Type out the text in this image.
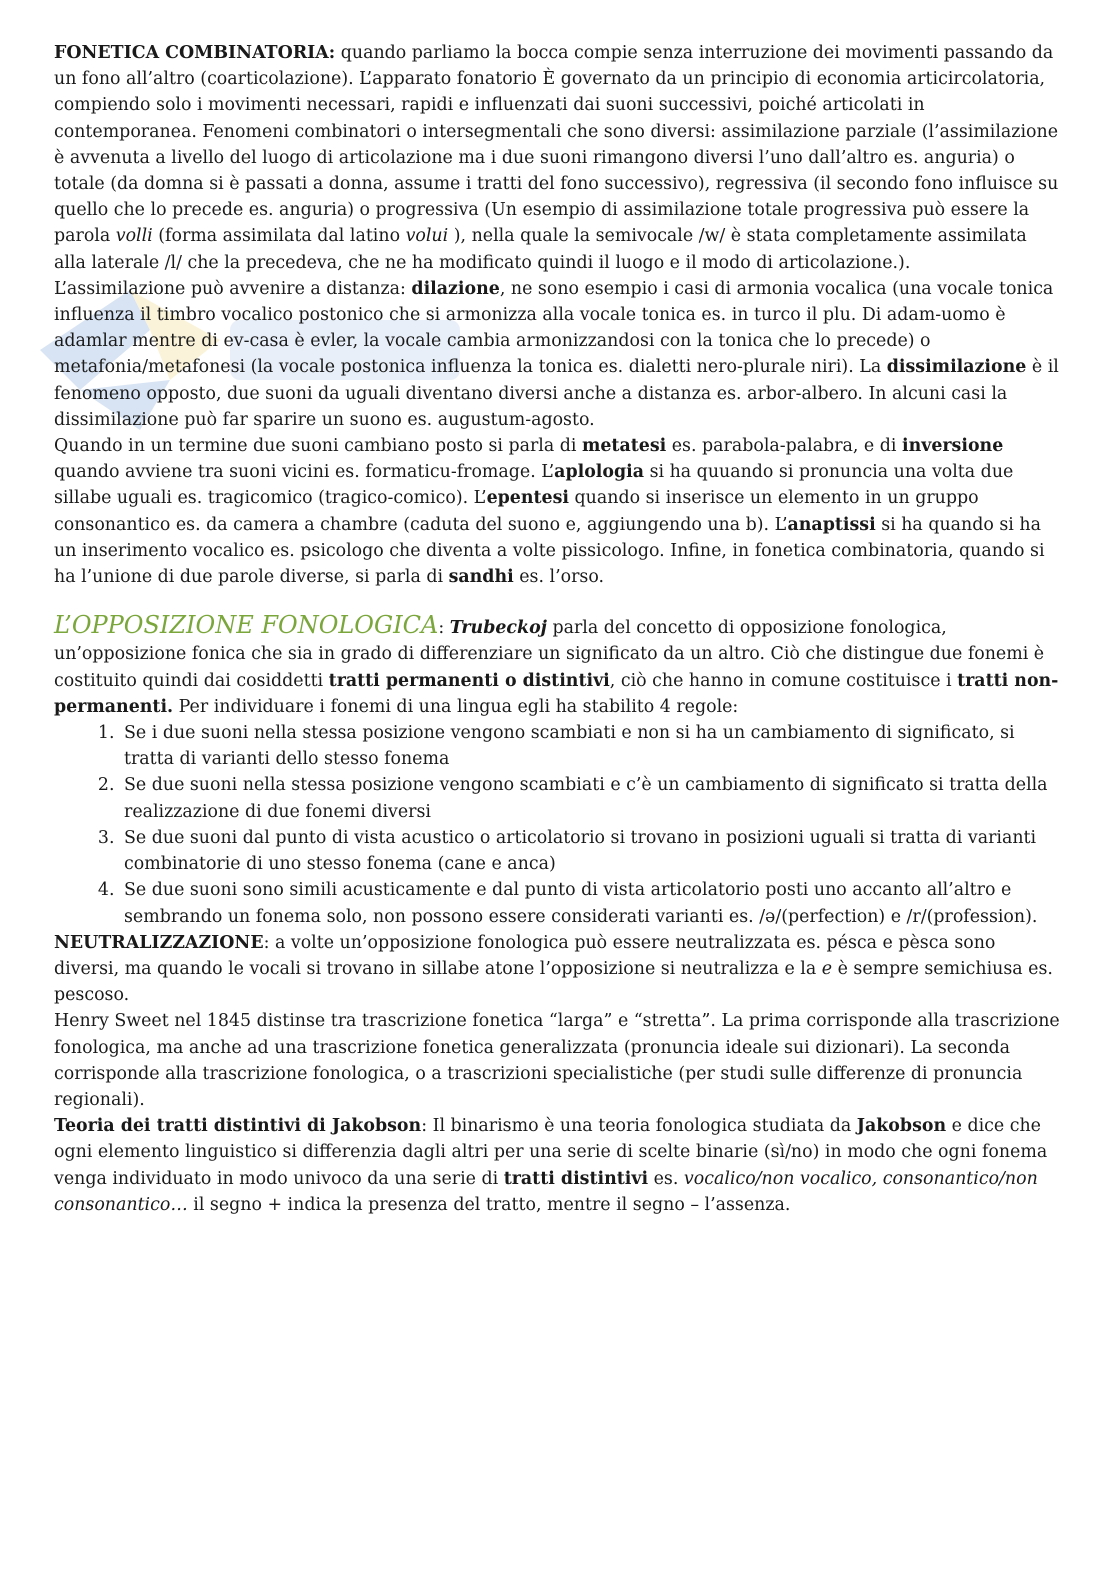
FONETICA COMBINATORIA: quando parliamo la bocca compie senza interruzione dei movimenti passando da un fono all’altro (coarticolazione). L’apparato fonatorio È governato da un principio di economia articircolatoria, compiendo solo i movimenti necessari, rapidi e influenzati dai suoni successivi, poiché articolati in contemporanea. Fenomeni combinatori o intersegmentali che sono diversi: assimilazione parziale (l’assimilazione è avvenuta a livello del luogo di articolazione ma i due suoni rimangono diversi l’uno dall’altro es. anguria) o totale (da domna si è passati a donna, assume i tratti del fono successivo), regressiva (il secondo fono influisce su quello che lo precede es. anguria) o progressiva (Un esempio di assimilazione totale progressiva può essere la parola volli (forma assimilata dal latino volui ), nella quale la semivocale /w/ è stata completamente assimilata alla laterale /l/ che la precedeva, che ne ha modificato quindi il luogo e il modo di articolazione.).

L’assimilazione può avvenire a distanza: dilazione, ne sono esempio i casi di armonia vocalica (una vocale tonica influenza il timbro vocalico postonico che si armonizza alla vocale tonica es. in turco il plu. Di adam-uomo è adamlar mentre di ev-casa è evler, la vocale cambia armonizzandosi con la tonica che lo precede) o metafonia/metafonesi (la vocale postonica influenza la tonica es. dialetti nero-plurale niri). La dissimilazione è il fenomeno opposto, due suoni da uguali diventano diversi anche a distanza es. arbor-albero. In alcuni casi la dissimilazione può far sparire un suono es. augustum-agosto.

Quando in un termine due suoni cambiano posto si parla di metatesi es. parabola-palabra, e di inversione quando avviene tra suoni vicini es. formaticu-fromage. L’aplologia si ha quuando si pronuncia una volta due sillabe uguali es. tragicomico (tragico-comico). L’epentesi quando si inserisce un elemento in un gruppo consonantico es. da camera a chambre (caduta del suono e, aggiungendo una b). L’anaptissi si ha quando si ha un inserimento vocalico es. psicologo che diventa a volte pissicologo. Infine, in fonetica combinatoria, quando si ha l’unione di due parole diverse, si parla di sandhi es. l’orso.

L’OPPOSIZIONE FONOLOGICA: Trubeckoj parla del concetto di opposizione fonologica, un’opposizione fonica che sia in grado di differenziare un significato da un altro. Ciò che distingue due fonemi è costituito quindi dai cosiddetti tratti permanenti o distintivi, ciò che hanno in comune costituisce i tratti non-permanenti. Per individuare i fonemi di una lingua egli ha stabilito 4 regole:

1. Se i due suoni nella stessa posizione vengono scambiati e non si ha un cambiamento di significato, si tratta di varianti dello stesso fonema
2. Se due suoni nella stessa posizione vengono scambiati e c’è un cambiamento di significato si tratta della realizzazione di due fonemi diversi
3. Se due suoni dal punto di vista acustico o articolatorio si trovano in posizioni uguali si tratta di varianti combinatorie di uno stesso fonema (cane e anca)
4. Se due suoni sono simili acusticamente e dal punto di vista articolatorio posti uno accanto all’altro e sembrando un fonema solo, non possono essere considerati varianti es. /ə/(perfection) e /r/(profession).

NEUTRALIZZAZIONE: a volte un’opposizione fonologica può essere neutralizzata es. pésca e pèsca sono diversi, ma quando le vocali si trovano in sillabe atone l’opposizione si neutralizza e la e è sempre semichiusa es. pescoso.

Henry Sweet nel 1845 distinse tra trascrizione fonetica “larga” e “stretta”. La prima corrisponde alla trascrizione fonologica, ma anche ad una trascrizione fonetica generalizzata (pronuncia ideale sui dizionari). La seconda corrisponde alla trascrizione fonologica, o a trascrizioni specialistiche (per studi sulle differenze di pronuncia regionali).

Teoria dei tratti distintivi di Jakobson: Il binarismo è una teoria fonologica studiata da Jakobson e dice che ogni elemento linguistico si differenzia dagli altri per una serie di scelte binarie (sì/no) in modo che ogni fonema venga individuato in modo univoco da una serie di tratti distintivi es. vocalico/non vocalico, consonantico/non consonantico… il segno + indica la presenza del tratto, mentre il segno – l’assenza.
